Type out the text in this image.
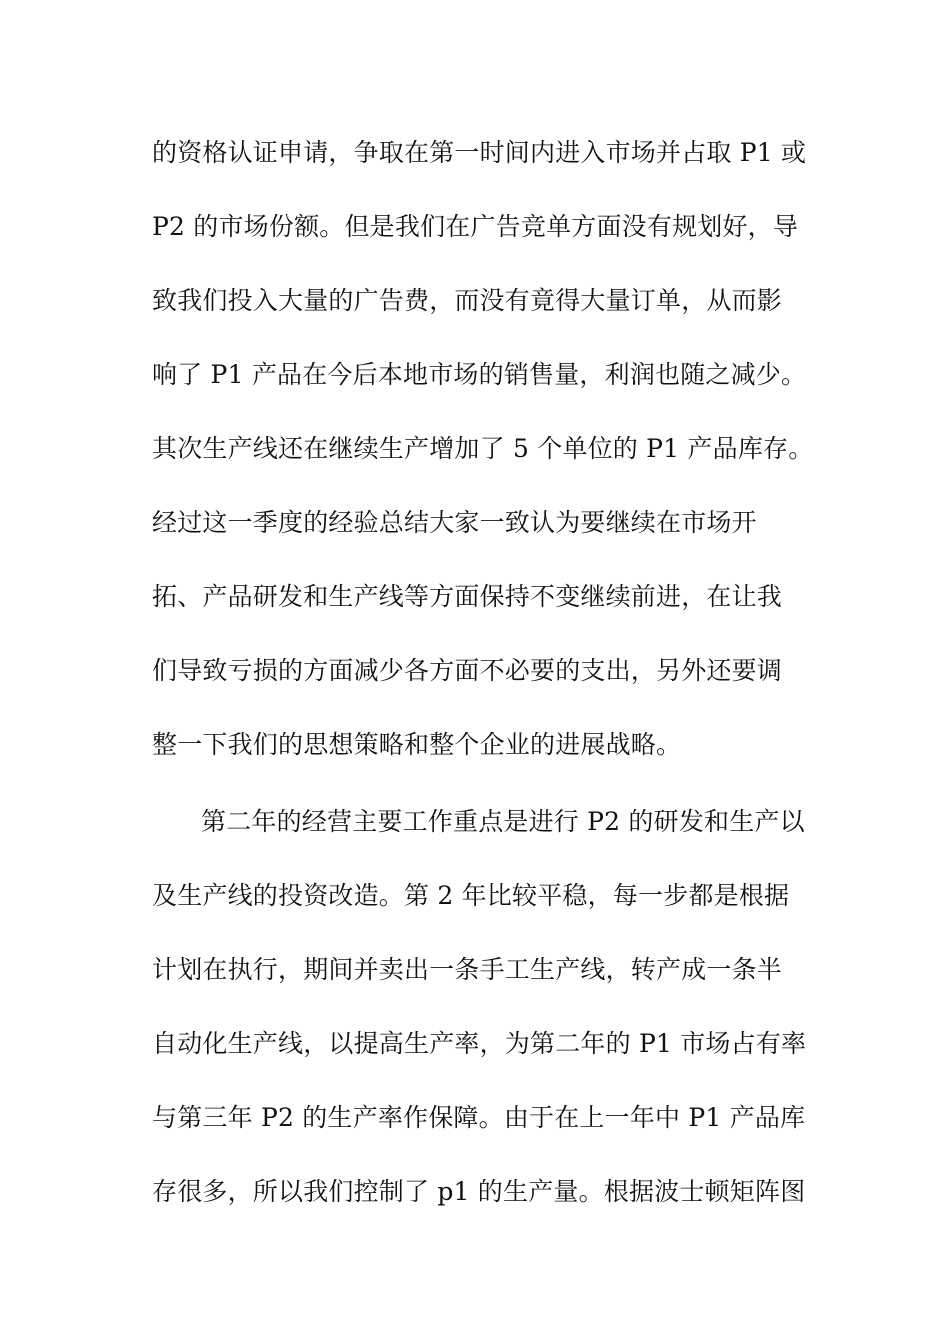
的资格认证申请，争取在第一时间内进入市场并占取 P1 或
P2 的市场份额。但是我们在广告竞单方面没有规划好，导
致我们投入大量的广告费，而没有竟得大量订单，从而影
响了 P1 产品在今后本地市场的销售量，利润也随之减少。
其次生产线还在继续生产增加了 5 个单位的 P1 产品库存。
经过这一季度的经验总结大家一致认为要继续在市场开
拓、产品研发和生产线等方面保持不变继续前进，在让我
们导致亏损的方面减少各方面不必要的支出，另外还要调
整一下我们的思想策略和整个企业的进展战略。
第二年的经营主要工作重点是进行 P2 的研发和生产以
及生产线的投资改造。第 2 年比较平稳，每一步都是根据
计划在执行，期间并卖出一条手工生产线，转产成一条半
自动化生产线，以提高生产率，为第二年的 P1 市场占有率
与第三年 P2 的生产率作保障。由于在上一年中 P1 产品库
存很多，所以我们控制了 p1 的生产量。根据波士顿矩阵图
